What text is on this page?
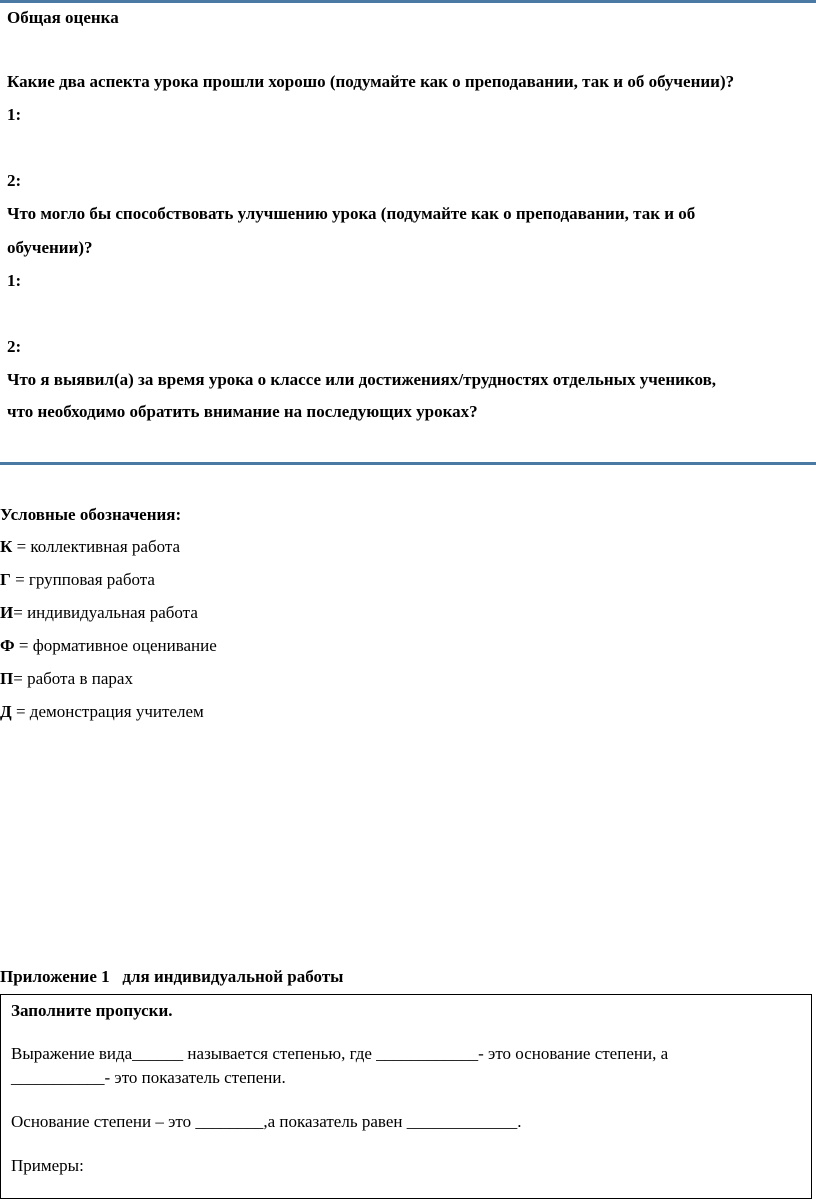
Общая оценка
Какие два аспекта урока прошли хорошо (подумайте как о преподавании, так и об обучении)?
1:
2:
Что могло бы способствовать улучшению урока (подумайте как о преподавании, так и об
обучении)?
1:
2:
Что я выявил(а) за время урока о классе или достижениях/трудностях отдельных учеников,
что необходимо обратить внимание на последующих уроках?
Условные обозначения:
К = коллективная работа
Г = групповая работа
И= индивидуальная работа
Ф = формативное оценивание
П= работа в парах
Д = демонстрация учителем
Приложение 1   для индивидуальной работы
Заполните пропуски.
Выражение вида______ называется степенью, где ____________- это основание степени, а
___________- это показатель степени.
Основание степени – это ________,а показатель равен _____________.
Примеры:
